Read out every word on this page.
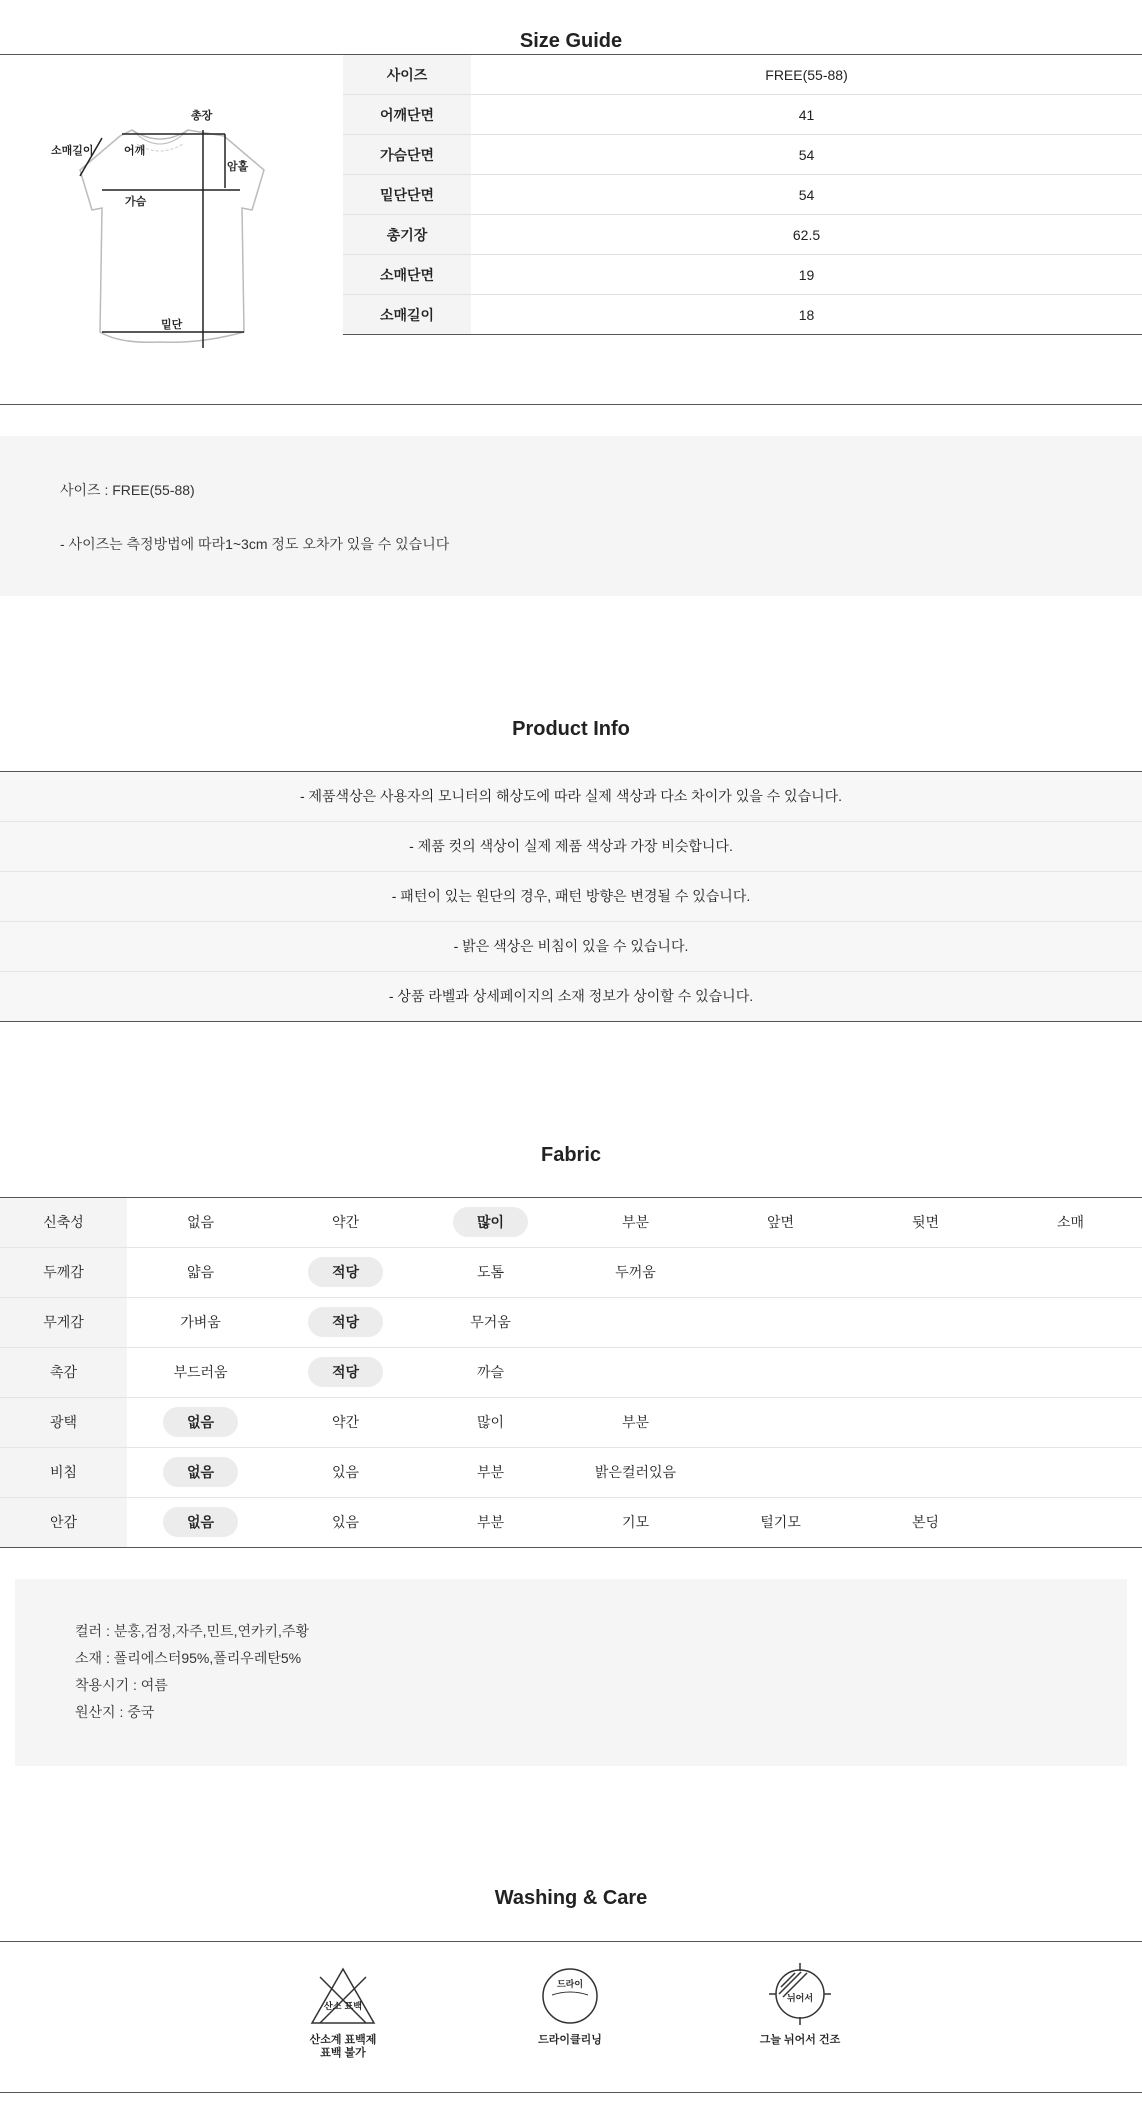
Size Guide
총장
소매길이	어깨
암홀
가슴
밑단
사이즈	FREE(55-88)
어깨단면	41
가슴단면	54
밑단단면	54
총기장	62.5
소매단면	19
소매길이	18
사이즈 : FREE(55-88)
- 사이즈는 측정방법에 따라1~3cm 정도 오차가 있을 수 있습니다
Product Info
- 제품색상은 사용자의 모니터의 해상도에 따라 실제 색상과 다소 차이가 있을 수 있습니다.
- 제품 컷의 색상이 실제 제품 색상과 가장 비슷합니다.
- 패턴이 있는 원단의 경우, 패턴 방향은 변경될 수 있습니다.
- 밝은 색상은 비침이 있을 수 있습니다.
- 상품 라벨과 상세페이지의 소재 정보가 상이할 수 있습니다.
Fabric
신축성	없음	약간	많이	부분	앞면	뒷면	소매
두께감	얇음	적당	도톰	두꺼움
무게감	가벼움	적당	무거움
촉감	부드러움	적당	까슬
광택	없음	약간	많이	부분
비침	없음	있음	부분	밝은컬러있음
안감	없음	있음	부분	기모	털기모	본딩
컬러 : 분홍,검정,자주,민트,연카키,주황
소재 : 폴리에스터95%,폴리우레탄5%
착용시기 : 여름
원산지 : 중국
Washing & Care
산소 표백
산소계 표백제
표백 불가
드라이
드라이클리닝
뉘어서
그늘 뉘어서 건조
